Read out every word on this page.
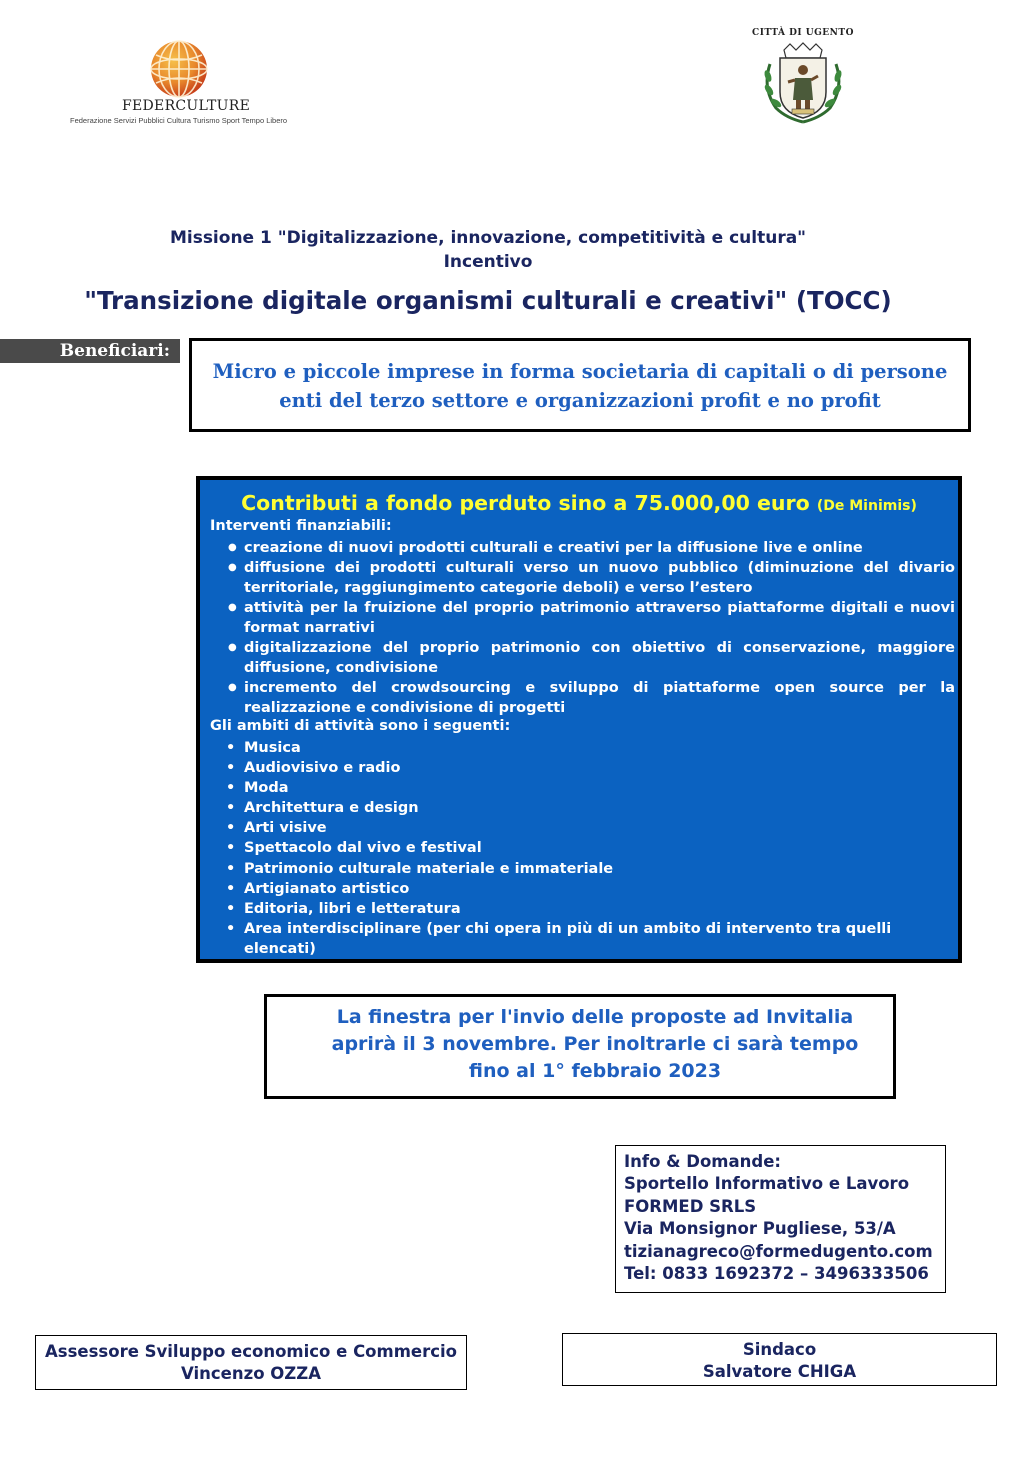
FEDERCULTURE
Federazione Servizi Pubblici Cultura Turismo Sport Tempo Libero
CITTÀ DI UGENTO
Missione 1 "Digitalizzazione, innovazione, competitività e cultura"
Incentivo
"Transizione digitale organismi culturali e creativi" (TOCC)
Beneficiari:
Micro e piccole imprese in forma societaria di capitali o di persone
enti del terzo settore e organizzazioni profit e no profit
Contributi a fondo perduto sino a 75.000,00 euro (De Minimis)
Interventi finanziabili:
● creazione di nuovi prodotti culturali e creativi per la diffusione live e online
● diffusione dei prodotti culturali verso un nuovo pubblico (diminuzione del divario territoriale, raggiungimento categorie deboli) e verso l’estero
● attività per la fruizione del proprio patrimonio attraverso piattaforme digitali e nuovi format narrativi
● digitalizzazione del proprio patrimonio con obiettivo di conservazione, maggiore diffusione, condivisione
● incremento del crowdsourcing e sviluppo di piattaforme open source per la realizzazione e condivisione di progetti
Gli ambiti di attività sono i seguenti:
• Musica
• Audiovisivo e radio
• Moda
• Architettura e design
• Arti visive
• Spettacolo dal vivo e festival
• Patrimonio culturale materiale e immateriale
• Artigianato artistico
• Editoria, libri e letteratura
• Area interdisciplinare (per chi opera in più di un ambito di intervento tra quelli elencati)
La finestra per l'invio delle proposte ad Invitalia
aprirà il 3 novembre. Per inoltrarle ci sarà tempo
fino al 1° febbraio 2023
Info & Domande:
Sportello Informativo e Lavoro
FORMED SRLS
Via Monsignor Pugliese, 53/A
tizianagreco@formedugento.com
Tel: 0833 1692372 – 3496333506
Assessore Sviluppo economico e Commercio
Vincenzo OZZA
Sindaco
Salvatore CHIGA
